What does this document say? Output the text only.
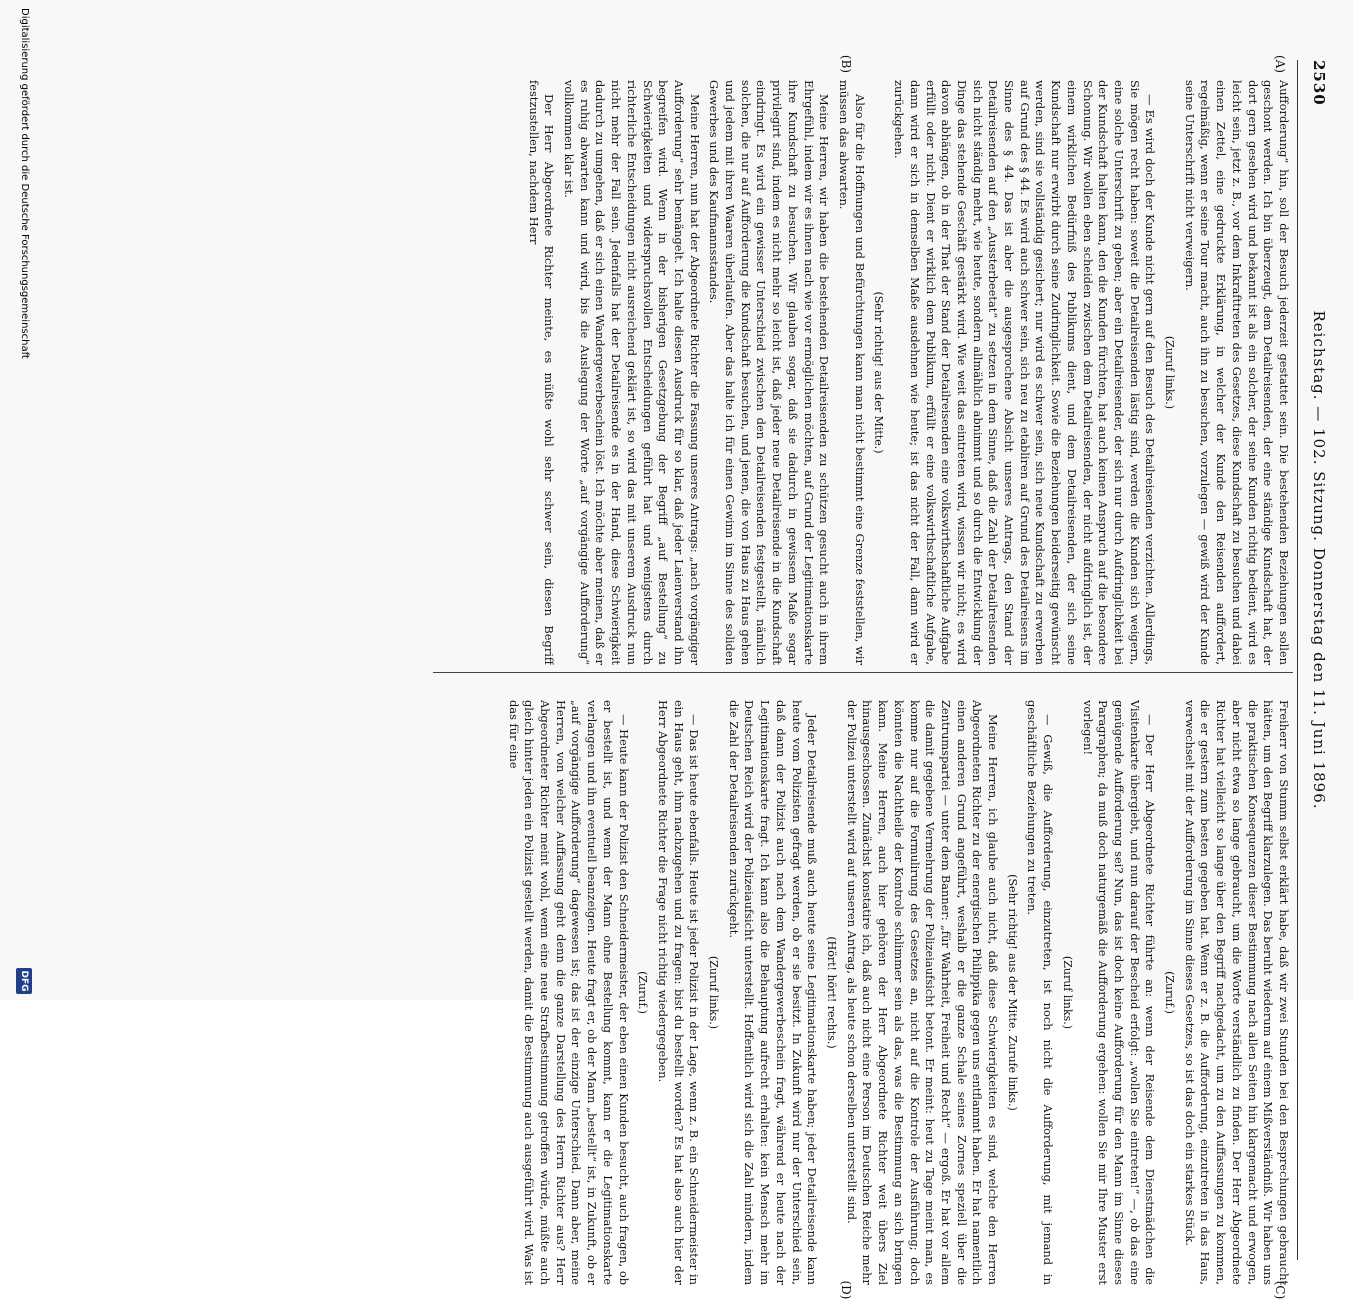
2530
Reichstag. — 102. Sitzung. Donnerstag den 11. Juni 1896.
(A)
(B)
(C)
(D)

Aufforderung“ hin, soll der Besuch jederzeit gestattet sein. Die bestehenden Beziehungen sollen geschont werden. Ich bin überzeugt, dem Detailreisenden, der eine ständige Kundschaft hat, der dort gern gesehen wird und bekannt ist als ein solcher, der seine Kunden richtig bedient, wird es leicht sein, jetzt z. B., vor dem Inkrafttreten des Gesetzes, diese Kundschaft zu besuchen und dabei einen Zettel, eine gedruckte Erklärung, in welcher der Kunde den Reisenden auffordert, regelmäßig, wenn er seine Tour macht, auch ihn zu besuchen, vorzulegen — gewiß wird der Kunde seine Unterschrift nicht verweigern.

(Zuruf links.)

— Es wird doch der Kunde nicht gern auf den Besuch des Detailreisenden verzichten. Allerdings, Sie mögen recht haben: soweit die Detailreisenden lästig sind, werden die Kunden sich weigern, eine solche Unterschrift zu geben; aber ein Detailreisender, der sich nur durch Aufdringlichkeit bei der Kundschaft halten kann, den die Kunden fürchten, hat auch keinen Anspruch auf die besondere Schonung. Wir wollen eben scheiden zwischen dem Detailreisenden, der nicht aufdringlich ist, der einem wirklichen Bedürfniß des Publikums dient, und dem Detailreisenden, der sich seine Kundschaft nur erwirbt durch seine Zudringlichkeit. Sowie die Beziehungen beiderseitig gewünscht werden, sind sie vollständig gesichert; nur wird es schwer sein, sich neue Kundschaft zu erwerben auf Grund des § 44. Es wird auch schwer sein, sich neu zu etabliren auf Grund des Detailreisens im Sinne des § 44. Das ist aber die ausgesprochene Absicht unseres Antrags, den Stand der Detailreisenden auf den „Aussterbeetat“ zu setzen in dem Sinne, daß die Zahl der Detailreisenden sich nicht ständig mehrt, wie heute, sondern allmählich abnimmt und so durch die Entwicklung der Dinge das stehende Geschäft gestärkt wird. Wie weit das eintreten wird, wissen wir nicht; es wird davon abhängen, ob in der That der Stand der Detailreisenden eine volkswirthschaftliche Aufgabe erfüllt oder nicht. Dient er wirklich dem Publikum, erfüllt er eine volkswirthschaftliche Aufgabe, dann wird er sich in demselben Maße ausdehnen wie heute; ist das nicht der Fall, dann wird er zurückgehen.

(Sehr richtig! aus der Mitte.)

Also für die Hoffnungen und Befürchtungen kann man nicht bestimmt eine Grenze feststellen, wir müssen das abwarten.

Meine Herren, wir haben die bestehenden Detailreisenden zu schützen gesucht auch in ihrem Ehrgefühl, indem wir es ihnen nach wie vor ermöglichen möchten, auf Grund der Legitimationskarte ihre Kundschaft zu besuchen. Wir glauben sogar, daß sie dadurch in gewissem Maße sogar privilegirt sind, indem es nicht mehr so leicht ist, daß jeder neue Detailreisende in die Kundschaft eindringt. Es wird ein gewisser Unterschied zwischen den Detailreisenden festgestellt, nämlich solchen, die nur auf Aufforderung die Kundschaft besuchen, und jenen, die von Haus zu Haus gehen und jedem mit ihren Waaren überlaufen. Aber das halte ich für einen Gewinn im Sinne des soliden Gewerbes und des Kaufmannsstandes.

Meine Herren, nun hat der Abgeordnete Richter die Fassung unseres Antrags: „nach vorgängiger Aufforderung“ sehr bemängelt. Ich halte diesen Ausdruck für so klar, daß jeder Laienverstand ihn begreifen wird. Wenn in der bisherigen Gesetzgebung der Begriff „auf Bestellung“ zu Schwierigkeiten und widerspruchsvollen Entscheidungen geführt hat und wenigstens durch richterliche Entscheidungen nicht ausreichend geklärt ist, so wird das mit unserem Ausdruck nun nicht mehr der Fall sein. Jedenfalls hat der Detailreisende es in der Hand, diese Schwierigkeit dadurch zu umgehen, daß er sich einen Wandergewerbeschein löst. Ich möchte aber meinen, daß er es ruhig abwarten kann und wird, bis die Auslegung der Worte „auf vorgängige Aufforderung“ vollkommen klar ist.

Der Herr Abgeordnete Richter meinte, es müßte wohl sehr schwer sein, diesen Begriff festzustellen, nachdem Herr

Freiherr von Stumm selbst erklärt habe, daß wir zwei Stunden bei den Besprechungen gebraucht hätten, um den Begriff klarzulegen. Das beruht wiederum auf einem Mißverständniß. Wir haben uns die praktischen Konsequenzen dieser Bestimmung nach allen Seiten hin klargemacht und erwogen, aber nicht etwa so lange gebraucht, um die Worte verständlich zu finden. Der Herr Abgeordnete Richter hat vielleicht so lange über den Begriff nachgedacht, um zu den Auffassungen zu kommen, die er gestern zum besten gegeben hat. Wenn er z. B. die Aufforderung, einzutreten in das Haus, verwechselt mit der Aufforderung im Sinne dieses Gesetzes, so ist das doch ein starkes Stück.

(Zuruf.)

— Der Herr Abgeordnete Richter führte an: wenn der Reisende dem Dienstmädchen die Visitenkarte übergiebt, und nun darauf der Bescheid erfolgt: „wollen Sie eintreten!“ —, ob das eine genügende Aufforderung sei? Nun, das ist doch keine Aufforderung für den Mann im Sinne dieses Paragraphen; da muß doch naturgemäß die Aufforderung ergehen: wollen Sie mir Ihre Muster erst vorlegen!

(Zuruf links.)

— Gewiß, die Aufforderung, einzutreten, ist noch nicht die Aufforderung, mit jemand in geschäftliche Beziehungen zu treten.

(Sehr richtig! aus der Mitte. Zurufe links.)

Meine Herren, ich glaube auch nicht, daß diese Schwierigkeiten es sind, welche den Herren Abgeordneten Richter zu der energischen Philippika gegen uns entflammt haben. Er hat namentlich einen anderen Grund angeführt, weshalb er die ganze Schale seines Zornes speziell über die Zentrumspartei — unter dem Banner: „für Wahrheit, Freiheit und Recht“ — ergoß. Er hat vor allem die damit gegebene Vermehrung der Polizeiaufsicht betont. Er meint: heut zu Tage meint man, es komme nur auf die Formulirung des Gesetzes an, nicht auf die Kontrole der Ausführung; doch könnten die Nachtheile der Kontrole schlimmer sein als das, was die Bestimmung an sich bringen kann. Meine Herren, auch hier gehören der Herr Abgeordnete Richter weit übers Ziel hinausgeschossen. Zunächst konstatire ich, daß auch nicht eine Person im Deutschen Reiche mehr der Polizei unterstellt wird auf unseren Antrag, als heute schon derselben unterstellt sind.

(Hört! hört! rechts.)

Jeder Detailreisende muß auch heute seine Legitimationskarte haben; jeder Detailreisende kann heute vom Polizisten gefragt werden, ob er sie besitzt. In Zukunft wird nur der Unterschied sein, daß dann der Polizist auch nach dem Wandergewerbeschein fragt, während er heute nach der Legitimationskarte fragt. Ich kann also die Behauptung aufrecht erhalten: kein Mensch mehr im Deutschen Reich wird der Polizeiaufsicht unterstellt. Hoffentlich wird sich die Zahl mindern, indem die Zahl der Detailreisenden zurückgeht.

(Zuruf links.)

— Das ist heute ebenfalls. Heute ist jeder Polizist in der Lage, wenn z. B. ein Schneidermeister in ein Haus geht, ihm nachzugehen und zu fragen: bist du bestellt worden? Es hat also auch hier der Herr Abgeordnete Richter die Frage nicht richtig wiedergegeben.

(Zuruf.)

— Heute kann der Polizist den Schneidermeister, der eben einen Kunden besucht, auch fragen, ob er bestellt ist, und wenn der Mann ohne Bestellung kommt, kann er die Legitimationskarte verlangen und ihn eventuell beanzeigen. Heute fragt er, ob der Mann „bestellt“ ist, in Zukunft, ob er „auf vorgängige Aufforderung“ dagewesen ist; das ist der einzige Unterschied. Dann aber, meine Herren, von welcher Auffassung geht denn die ganze Darstellung des Herrn Richter aus? Herr Abgeordneter Richter meint wohl, wenn eine neue Strafbestimmung getroffen würde, müßte auch gleich hinter jeden ein Polizist gestellt werden, damit die Bestimmung auch ausgeführt wird. Was ist das für eine

Digitalisierung gefördert durch die Deutsche Forschungsgemeinschaft
DFG
